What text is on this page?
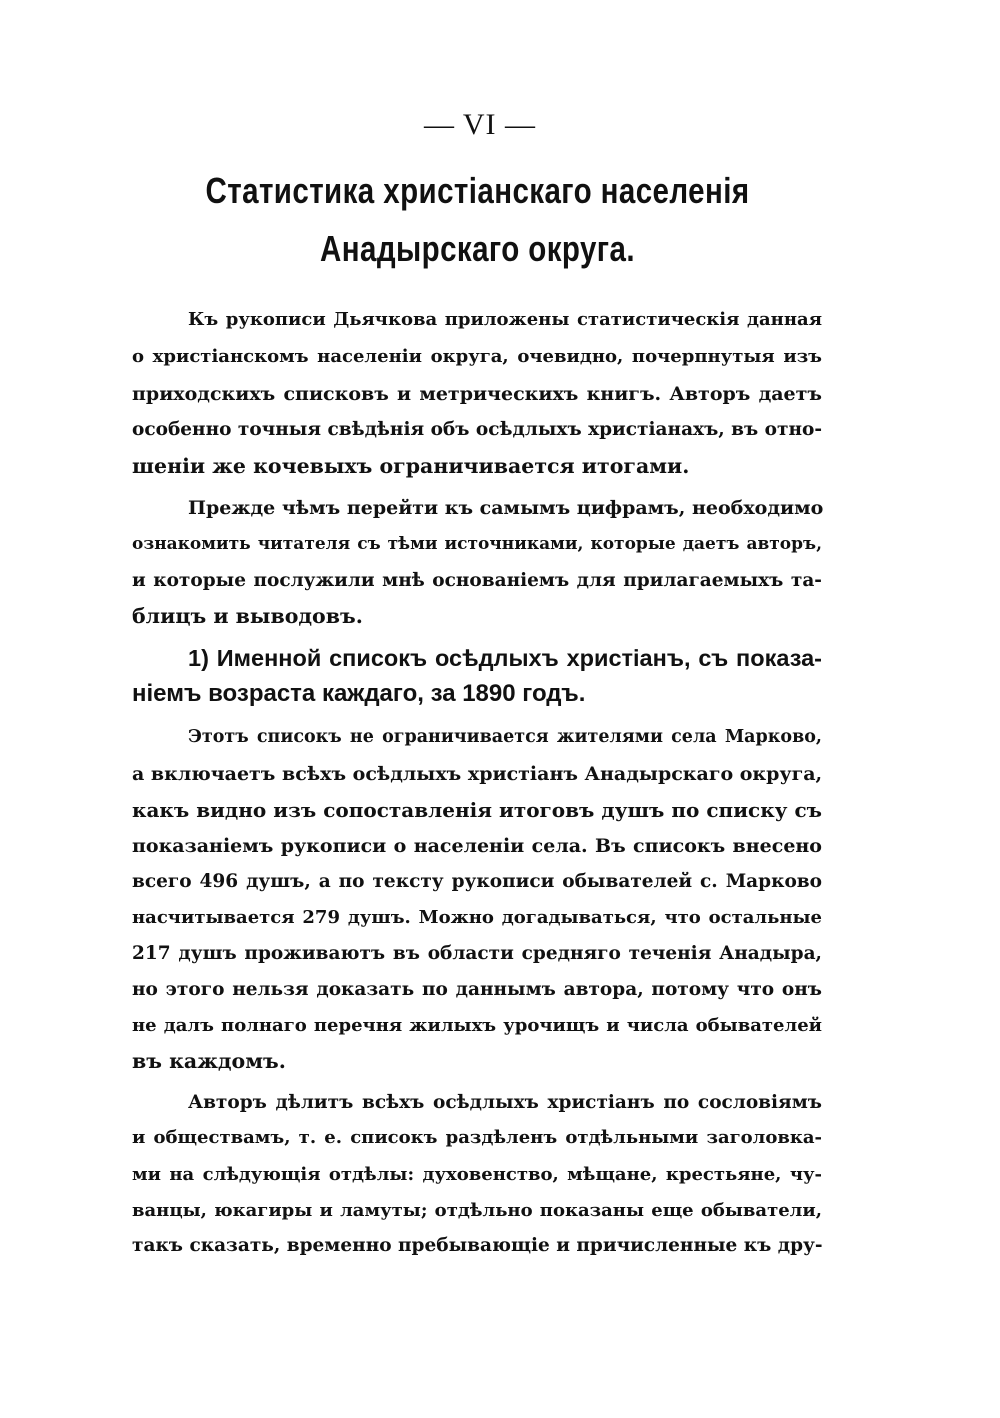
— VI —
Статистика христіанскаго населенія
Анадырскаго округа.
Къ рукописи Дьячкова приложены статистическія данная
о христіанскомъ населеніи округа, очевидно, почерпнутыя изъ
приходскихъ списковъ и метрическихъ книгъ. Авторъ даетъ
особенно точныя свѣдѣнія объ осѣдлыхъ христіанахъ, въ отно-
шеніи же кочевыхъ ограничивается итогами.
Прежде чѣмъ перейти къ самымъ цифрамъ, необходимо
ознакомить читателя съ тѣми источниками, которые даетъ авторъ,
и которые послужили мнѣ основаніемъ для прилагаемыхъ та-
блицъ и выводовъ.
1) Именной списокъ осѣдлыхъ христіанъ, съ показа-
ніемъ возраста каждаго, за 1890 годъ.
Этотъ списокъ не ограничивается жителями села Марково,
а включаетъ всѣхъ осѣдлыхъ христіанъ Анадырскаго округа,
какъ видно изъ сопоставленія итоговъ душъ по списку съ
показаніемъ рукописи о населеніи села. Въ списокъ внесено
всего 496 душъ, а по тексту рукописи обывателей с. Марково
насчитывается 279 душъ. Можно догадываться, что остальные
217 душъ проживаютъ въ области средняго теченія Анадыра,
но этого нельзя доказать по даннымъ автора, потому что онъ
не далъ полнаго перечня жилыхъ урочищъ и числа обывателей
въ каждомъ.
Авторъ дѣлитъ всѣхъ осѣдлыхъ христіанъ по сословіямъ
и обществамъ, т. е. списокъ раздѣленъ отдѣльными заголовка-
ми на слѣдующія отдѣлы: духовенство, мѣщане, крестьяне, чу-
ванцы, юкагиры и ламуты; отдѣльно показаны еще обыватели,
такъ сказать, временно пребывающіе и причисленные къ дру-
